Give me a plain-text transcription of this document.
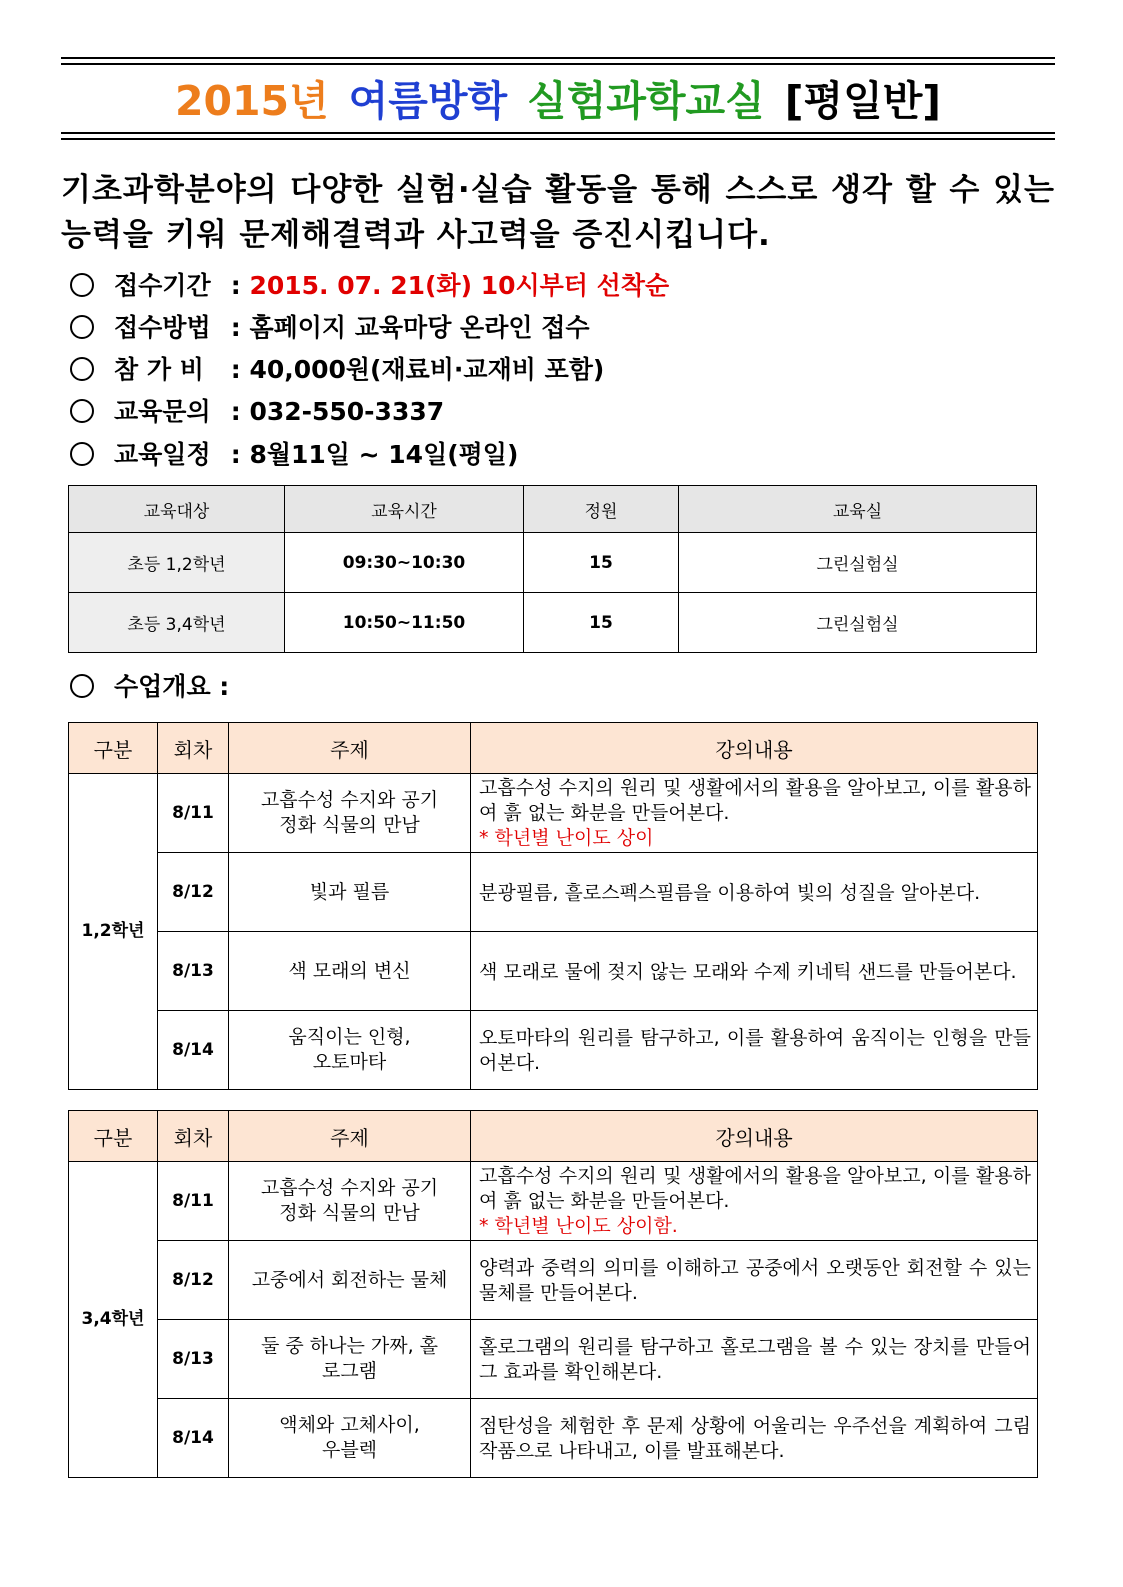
2015년 여름방학 실험과학교실 [평일반]
기초과학분야의 다양한 실험·실습 활동을 통해 스스로 생각 할 수 있는 능력을 키워 문제해결력과 사고력을 증진시킵니다.
접수기간 : 2015. 07. 21(화) 10시부터 선착순
접수방법 : 홈페이지 교육마당 온라인 접수
참 가 비 : 40,000원(재료비·교재비 포함)
교육문의 : 032-550-3337
교육일정 : 8월11일 ~ 14일(평일)
교육대상	교육시간	정원	교육실
초등 1,2학년	09:30~10:30	15	그린실험실
초등 3,4학년	10:50~11:50	15	그린실험실
수업개요 :
구분	회차	주제	강의내용
1,2학년	8/11	고흡수성 수지와 공기정화 식물의 만남	고흡수성 수지의 원리 및 생활에서의 활용을 알아보고, 이를 활용하여 흙 없는 화분을 만들어본다.
* 학년별 난이도 상이

	8/12	빛과 필름	분광필름, 흘로스펙스필름을 이용하여 빛의 성질을 알아본다.
	8/13	색 모래의 변신	색 모래로 물에 젖지 않는 모래와 수제 키네틱 샌드를 만들어본다.
	8/14	움직이는 인형, 오토마타	오토마타의 원리를 탐구하고, 이를 활용하여 움직이는 인형을 만들어본다.
구분	회차	주제	강의내용
3,4학년	8/11	고흡수성 수지와 공기정화 식물의 만남	고흡수성 수지의 원리 및 생활에서의 활용을 알아보고, 이를 활용하여 흙 없는 화분을 만들어본다.
* 학년별 난이도 상이함.

	8/12	고중에서 회전하는 물체	양력과 중력의 의미를 이해하고 공중에서 오랫동안 회전할 수 있는 물체를 만들어본다.
	8/13	둘 중 하나는 가짜, 홀로그램	홀로그램의 원리를 탐구하고 홀로그램을 볼 수 있는 장치를 만들어 그 효과를 확인해본다.
	8/14	액체와 고체사이, 우블렉	점탄성을 체험한 후 문제 상황에 어울리는 우주선을 계획하여 그림 작품으로 나타내고, 이를 발표해본다.
